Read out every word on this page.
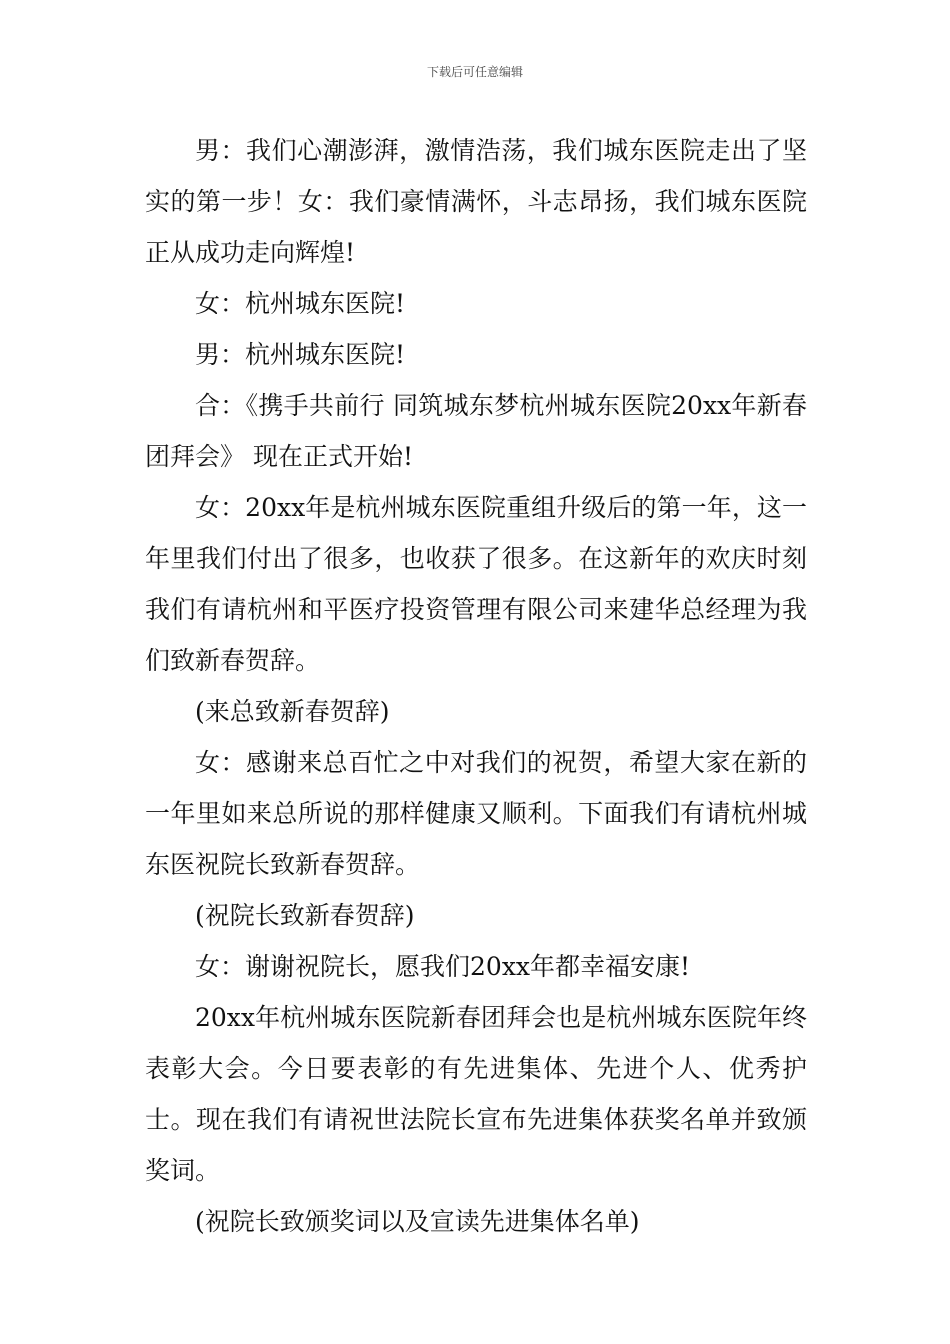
下载后可任意编辑

男：我们心潮澎湃，激情浩荡，我们城东医院走出了坚实的第一步！女：我们豪情满怀，斗志昂扬，我们城东医院正从成功走向辉煌!

女：杭州城东医院!

男：杭州城东医院!

合：《携手共前行 同筑城东梦杭州城东医院20xx年新春团拜会》 现在正式开始!

女：20xx年是杭州城东医院重组升级后的第一年，这一年里我们付出了很多，也收获了很多。在这新年的欢庆时刻我们有请杭州和平医疗投资管理有限公司来建华总经理为我们致新春贺辞。

(来总致新春贺辞)

女：感谢来总百忙之中对我们的祝贺，希望大家在新的一年里如来总所说的那样健康又顺利。下面我们有请杭州城东医祝院长致新春贺辞。

(祝院长致新春贺辞)

女：谢谢祝院长，愿我们20xx年都幸福安康!

20xx年杭州城东医院新春团拜会也是杭州城东医院年终表彰大会。今日要表彰的有先进集体、先进个人、优秀护士。现在我们有请祝世法院长宣布先进集体获奖名单并致颁奖词。

(祝院长致颁奖词以及宣读先进集体名单)
